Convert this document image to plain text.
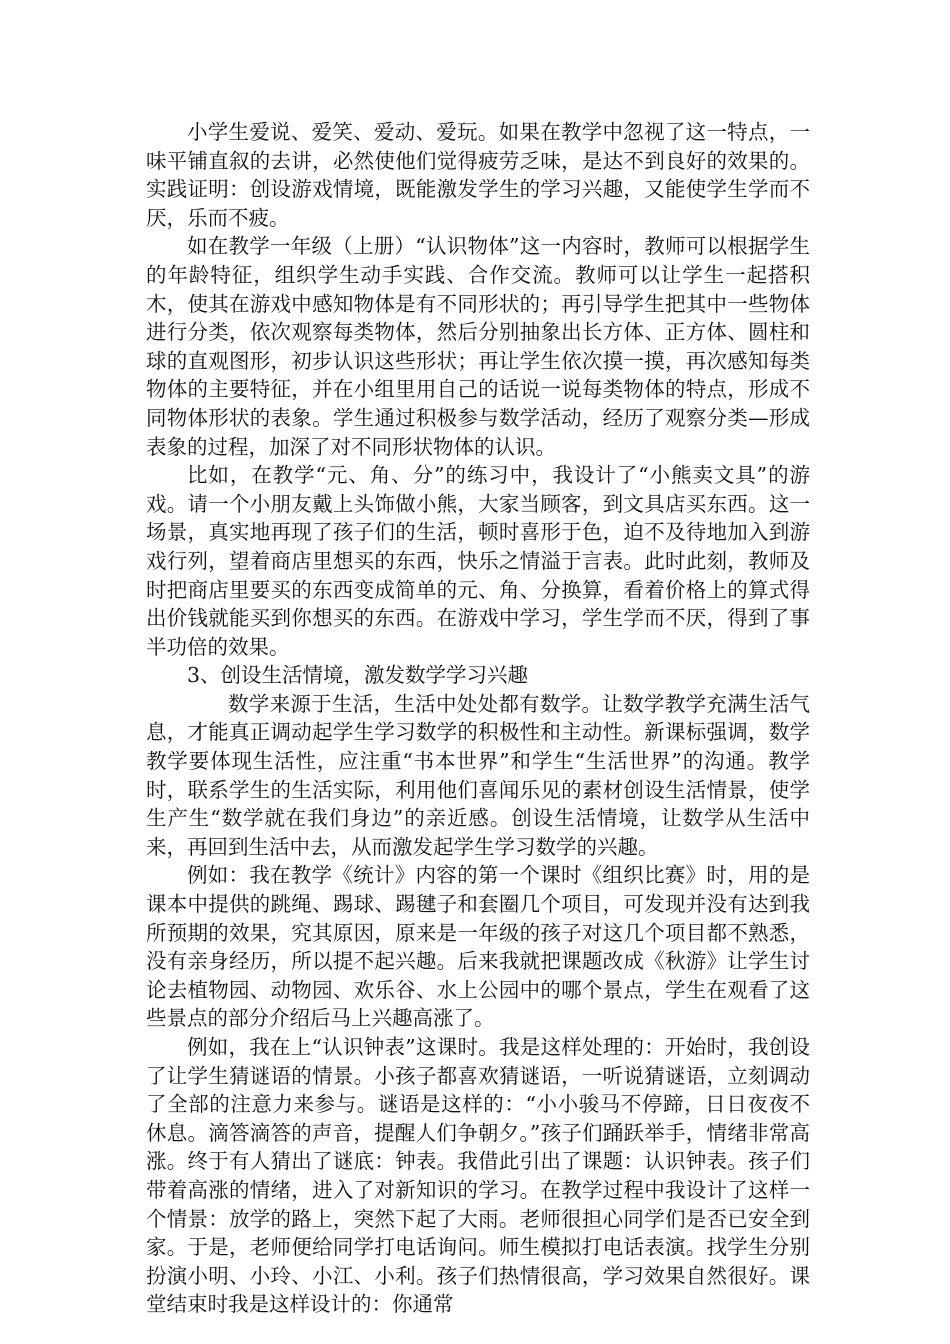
小学生爱说、爱笑、爱动、爱玩。如果在教学中忽视了这一特点，一味平铺直叙的去讲，必然使他们觉得疲劳乏味，是达不到良好的效果的。实践证明：创设游戏情境，既能激发学生的学习兴趣，又能使学生学而不厌，乐而不疲。

如在教学一年级（上册）“认识物体”这一内容时，教师可以根据学生的年龄特征，组织学生动手实践、合作交流。教师可以让学生一起搭积木，使其在游戏中感知物体是有不同形状的；再引导学生把其中一些物体进行分类，依次观察每类物体，然后分别抽象出长方体、正方体、圆柱和球的直观图形，初步认识这些形状；再让学生依次摸一摸，再次感知每类物体的主要特征，并在小组里用自己的话说一说每类物体的特点，形成不同物体形状的表象。学生通过积极参与数学活动，经历了观察分类—形成表象的过程，加深了对不同形状物体的认识。

比如，在教学“元、角、分”的练习中，我设计了“小熊卖文具”的游戏。请一个小朋友戴上头饰做小熊，大家当顾客，到文具店买东西。这一场景，真实地再现了孩子们的生活，顿时喜形于色，迫不及待地加入到游戏行列，望着商店里想买的东西，快乐之情溢于言表。此时此刻，教师及时把商店里要买的东西变成简单的元、角、分换算，看着价格上的算式得出价钱就能买到你想买的东西。在游戏中学习，学生学而不厌，得到了事半功倍的效果。

3、创设生活情境，激发数学学习兴趣

数学来源于生活，生活中处处都有数学。让数学教学充满生活气息，才能真正调动起学生学习数学的积极性和主动性。新课标强调，数学教学要体现生活性，应注重“书本世界”和学生“生活世界”的沟通。教学时，联系学生的生活实际，利用他们喜闻乐见的素材创设生活情景，使学生产生“数学就在我们身边”的亲近感。创设生活情境，让数学从生活中来，再回到生活中去，从而激发起学生学习数学的兴趣。

例如：我在教学《统计》内容的第一个课时《组织比赛》时，用的是课本中提供的跳绳、踢球、踢毽子和套圈几个项目，可发现并没有达到我所预期的效果，究其原因，原来是一年级的孩子对这几个项目都不熟悉，没有亲身经历，所以提不起兴趣。后来我就把课题改成《秋游》让学生讨论去植物园、动物园、欢乐谷、水上公园中的哪个景点，学生在观看了这些景点的部分介绍后马上兴趣高涨了。

例如，我在上“认识钟表”这课时。我是这样处理的：开始时，我创设了让学生猜谜语的情景。小孩子都喜欢猜谜语，一听说猜谜语，立刻调动了全部的注意力来参与。谜语是这样的：“小小骏马不停蹄，日日夜夜不休息。滴答滴答的声音，提醒人们争朝夕。”孩子们踊跃举手，情绪非常高涨。终于有人猜出了谜底：钟表。我借此引出了课题：认识钟表。孩子们带着高涨的情绪，进入了对新知识的学习。在教学过程中我设计了这样一个情景：放学的路上，突然下起了大雨。老师很担心同学们是否已安全到家。于是，老师便给同学打电话询问。师生模拟打电话表演。找学生分别扮演小明、小玲、小江、小利。孩子们热情很高，学习效果自然很好。课堂结束时我是这样设计的：你通常
